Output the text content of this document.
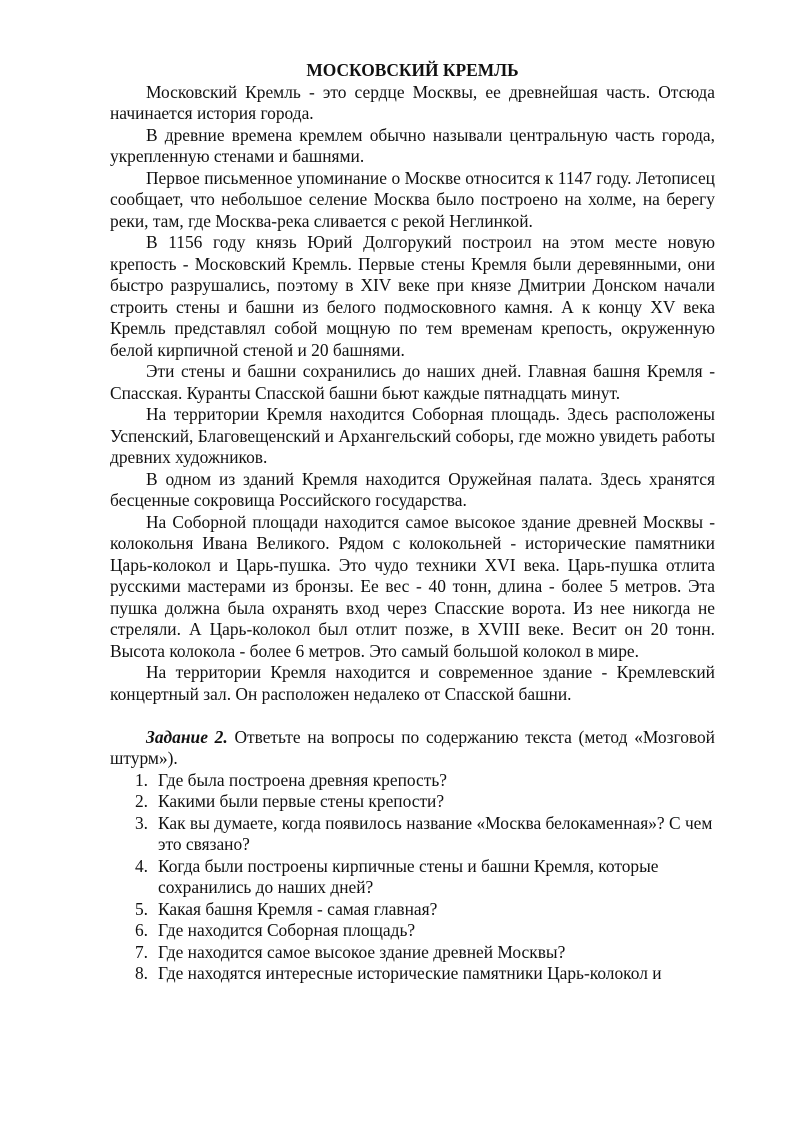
МОСКОВСКИЙ КРЕМЛЬ

Московский Кремль - это сердце Москвы, ее древнейшая часть. Отсюда начинается история города.

В древние времена кремлем обычно называли центральную часть города, укрепленную стенами и башнями.

Первое письменное упоминание о Москве относится к 1147 году. Летописец сообщает, что небольшое селение Москва было построено на холме, на берегу реки, там, где Москва-река сливается с рекой Неглинкой.

В 1156 году князь Юрий Долгорукий построил на этом месте новую крепость - Московский Кремль. Первые стены Кремля были деревянными, они быстро разрушались, поэтому в XIV веке при князе Дмитрии Донском начали строить стены и башни из белого подмосковного камня. А к концу XV века Кремль представлял собой мощную по тем временам крепость, окруженную белой кирпичной стеной и 20 башнями.

Эти стены и башни сохранились до наших дней. Главная башня Кремля - Спасская. Куранты Спасской башни бьют каждые пятнадцать минут.

На территории Кремля находится Соборная площадь. Здесь расположены Успенский, Благовещенский и Архангельский соборы, где можно увидеть работы древних художников.

В одном из зданий Кремля находится Оружейная палата. Здесь хранятся бесценные сокровища Российского государства.

На Соборной площади находится самое высокое здание древней Москвы - колокольня Ивана Великого. Рядом с колокольней - исторические памятники Царь-колокол и Царь-пушка. Это чудо техники XVI века. Царь-пушка отлита русскими мастерами из бронзы. Ее вес - 40 тонн, длина - более 5 метров. Эта пушка должна была охранять вход через Спасские ворота. Из нее никогда не стреляли. А Царь-колокол был отлит позже, в XVIII веке. Весит он 20 тонн. Высота колокола - более 6 метров. Это самый большой колокол в мире.

На территории Кремля находится и современное здание - Кремлевский концертный зал. Он расположен недалеко от Спасской башни.

Задание 2. Ответьте на вопросы по содержанию текста (метод «Мозговой штурм»).

1. Где была построена древняя крепость?
2. Какими были первые стены крепости?
3. Как вы думаете, когда появилось название «Москва белокаменная»? С чем это связано?
4. Когда были построены кирпичные стены и башни Кремля, которые сохранились до наших дней?
5. Какая башня Кремля - самая главная?
6. Где находится Соборная площадь?
7. Где находится самое высокое здание древней Москвы?
8. Где находятся интересные исторические памятники Царь-колокол и
